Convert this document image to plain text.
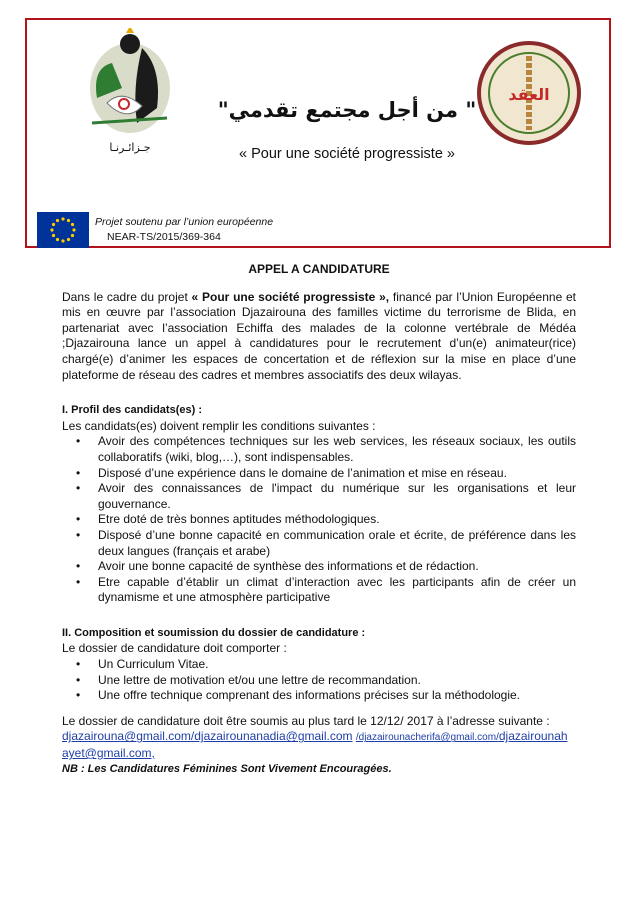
جـزائـرنـا
العقد
" من أجل مجتمع تقدمي"
« Pour une société progressiste »
Projet soutenu par l’union européenne
NEAR-TS/2015/369-364
APPEL A CANDIDATURE

Dans le cadre du projet « Pour une société progressiste », financé par l’Union Européenne et mis en œuvre par l’association Djazairouna des familles victime du terrorisme de Blida, en partenariat avec l’association Echiffa des malades de la colonne vertébrale de Médéa ;Djazairouna lance un appel à candidatures pour le recrutement d’un(e) animateur(rice) chargé(e) d’animer les espaces de concertation et de réflexion sur la mise en place d’une plateforme de réseau des cadres et membres associatifs des deux wilayas.

I. Profil des candidats(es) :

Les candidats(es) doivent remplir les conditions suivantes :

• Avoir des compétences techniques sur les web services, les réseaux sociaux, les outils collaboratifs (wiki, blog,…), sont indispensables.
• Disposé d’une expérience dans le domaine de l’animation et mise en réseau.
• Avoir des connaissances de l'impact du numérique sur les organisations et leur gouvernance.
• Etre doté de très bonnes aptitudes méthodologiques.
• Disposé d’une bonne capacité en communication orale et écrite, de préférence dans les deux langues (français et arabe)
• Avoir une bonne capacité de synthèse des informations et de rédaction.
• Etre capable d’établir un climat d’interaction avec les participants afin de créer un dynamisme et une atmosphère participative
II. Composition et soumission du dossier de candidature :

Le dossier de candidature doit comporter :

• Un Curriculum Vitae.
• Une lettre de motivation et/ou une lettre de recommandation.
• Une offre technique comprenant des informations précises sur la méthodologie.

Le dossier de candidature doit être soumis au plus tard le 12/12/ 2017 à l’adresse suivante :

djazairouna@gmail.com/djazairounanadia@gmail.com /djazairounacherifa@gmail.com/djazairounah
ayet@gmail.com,

NB : Les Candidatures Féminines Sont Vivement Encouragées.
